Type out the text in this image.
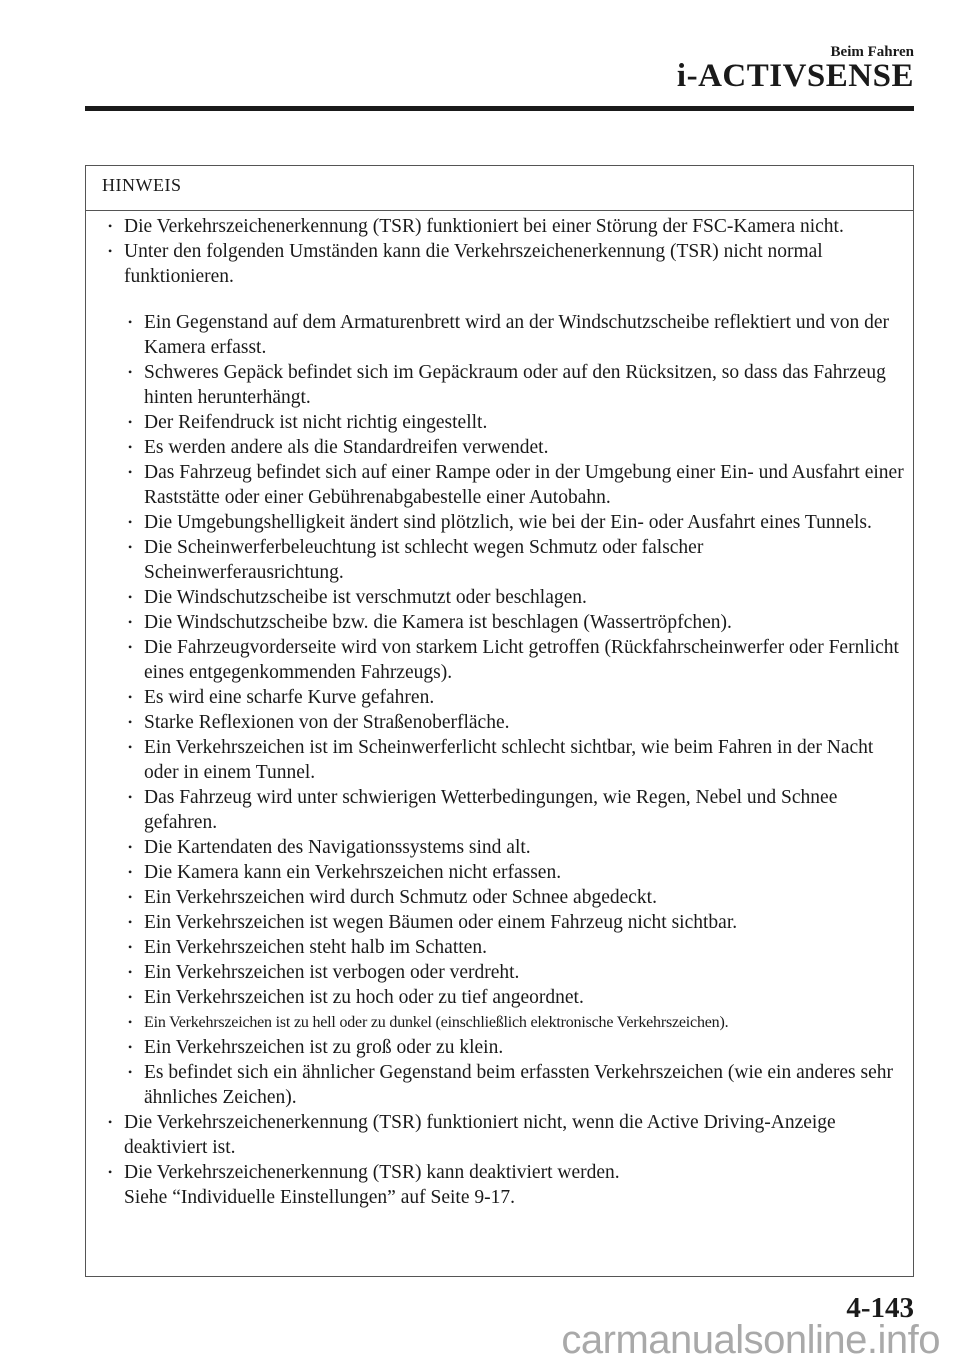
Beim Fahren
i-ACTIVSENSE
HINWEIS
• Die Verkehrszeichenerkennung (TSR) funktioniert bei einer Störung der FSC-Kamera nicht.
• Unter den folgenden Umständen kann die Verkehrszeichenerkennung (TSR) nicht normal funktionieren.
• Ein Gegenstand auf dem Armaturenbrett wird an der Windschutzscheibe reflektiert und von der Kamera erfasst.
• Schweres Gepäck befindet sich im Gepäckraum oder auf den Rücksitzen, so dass das Fahrzeug hinten herunterhängt.
• Der Reifendruck ist nicht richtig eingestellt.
• Es werden andere als die Standardreifen verwendet.
• Das Fahrzeug befindet sich auf einer Rampe oder in der Umgebung einer Ein- und Ausfahrt einer Raststätte oder einer Gebührenabgabestelle einer Autobahn.
• Die Umgebungshelligkeit ändert sind plötzlich, wie bei der Ein- oder Ausfahrt eines Tunnels.
• Die Scheinwerferbeleuchtung ist schlecht wegen Schmutz oder falscher Scheinwerferausrichtung.
• Die Windschutzscheibe ist verschmutzt oder beschlagen.
• Die Windschutzscheibe bzw. die Kamera ist beschlagen (Wassertröpfchen).
• Die Fahrzeugvorderseite wird von starkem Licht getroffen (Rückfahrscheinwerfer oder Fernlicht eines entgegenkommenden Fahrzeugs).
• Es wird eine scharfe Kurve gefahren.
• Starke Reflexionen von der Straßenoberfläche.
• Ein Verkehrszeichen ist im Scheinwerferlicht schlecht sichtbar, wie beim Fahren in der Nacht oder in einem Tunnel.
• Das Fahrzeug wird unter schwierigen Wetterbedingungen, wie Regen, Nebel und Schnee gefahren.
• Die Kartendaten des Navigationssystems sind alt.
• Die Kamera kann ein Verkehrszeichen nicht erfassen.
• Ein Verkehrszeichen wird durch Schmutz oder Schnee abgedeckt.
• Ein Verkehrszeichen ist wegen Bäumen oder einem Fahrzeug nicht sichtbar.
• Ein Verkehrszeichen steht halb im Schatten.
• Ein Verkehrszeichen ist verbogen oder verdreht.
• Ein Verkehrszeichen ist zu hoch oder zu tief angeordnet.
• Ein Verkehrszeichen ist zu hell oder zu dunkel (einschließlich elektronische Verkehrszeichen).
• Ein Verkehrszeichen ist zu groß oder zu klein.
• Es befindet sich ein ähnlicher Gegenstand beim erfassten Verkehrszeichen (wie ein anderes sehr ähnliches Zeichen).
• Die Verkehrszeichenerkennung (TSR) funktioniert nicht, wenn die Active Driving-Anzeige deaktiviert ist.
• Die Verkehrszeichenerkennung (TSR) kann deaktiviert werden.
Siehe “Individuelle Einstellungen” auf Seite 9-17.
4-143
carmanualsonline.info
